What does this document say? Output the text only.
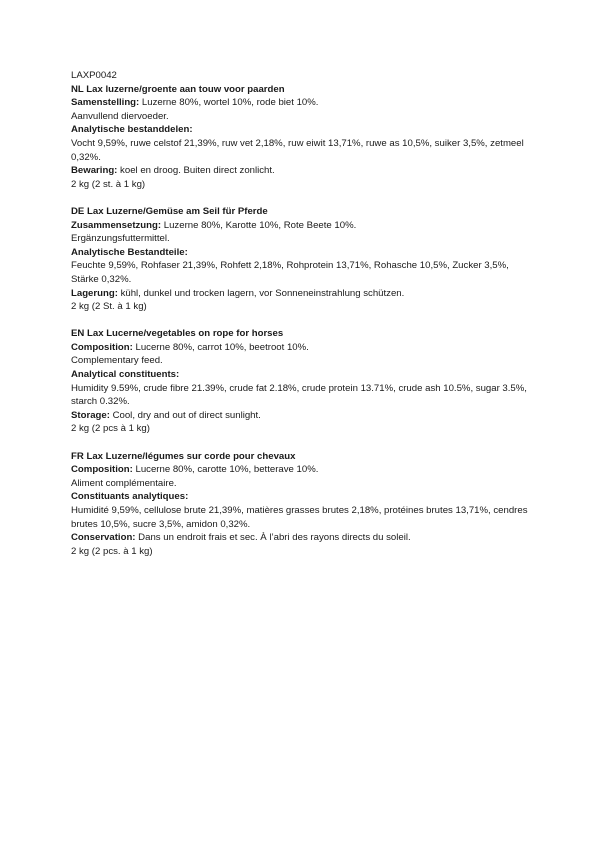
LAXP0042

NL Lax luzerne/groente aan touw voor paarden

Samenstelling: Luzerne 80%, wortel 10%, rode biet 10%.

Aanvullend diervoeder.

Analytische bestanddelen:

Vocht 9,59%, ruwe celstof 21,39%, ruw vet 2,18%, ruw eiwit 13,71%, ruwe as 10,5%, suiker 3,5%, zetmeel 0,32%.

Bewaring: koel en droog. Buiten direct zonlicht.

2 kg (2 st. à 1 kg)

DE Lax Luzerne/Gemüse am Seil für Pferde

Zusammensetzung: Luzerne 80%, Karotte 10%, Rote Beete 10%.

Ergänzungsfuttermittel.

Analytische Bestandteile:

Feuchte 9,59%, Rohfaser 21,39%, Rohfett 2,18%, Rohprotein 13,71%, Rohasche 10,5%, Zucker 3,5%, Stärke 0,32%.

Lagerung: kühl, dunkel und trocken lagern, vor Sonneneinstrahlung schützen.

2 kg (2 St. à 1 kg)

EN Lax Lucerne/vegetables on rope for horses

Composition: Lucerne 80%, carrot 10%, beetroot 10%.

Complementary feed.

Analytical constituents:

Humidity 9.59%, crude fibre 21.39%, crude fat 2.18%, crude protein 13.71%, crude ash 10.5%, sugar 3.5%, starch 0.32%.

Storage: Cool, dry and out of direct sunlight.

2 kg (2 pcs à 1 kg)

FR Lax Luzerne/légumes sur corde pour chevaux

Composition: Lucerne 80%, carotte 10%, betterave 10%.

Aliment complémentaire.

Constituants analytiques:

Humidité 9,59%, cellulose brute 21,39%, matières grasses brutes 2,18%, protéines brutes 13,71%, cendres brutes 10,5%, sucre 3,5%, amidon 0,32%.

Conservation: Dans un endroit frais et sec. À l’abri des rayons directs du soleil.

2 kg (2 pcs. à 1 kg)
